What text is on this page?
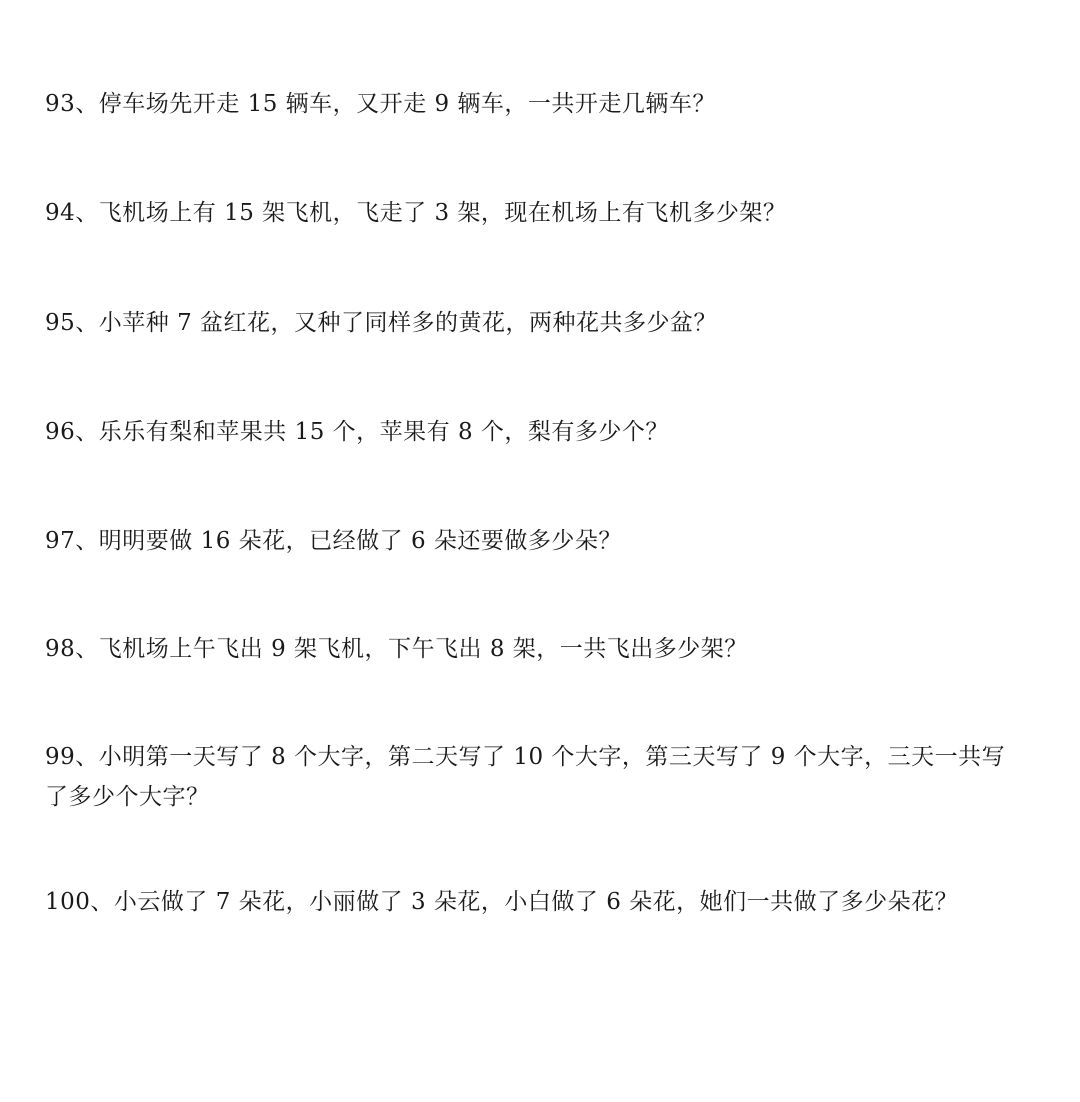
93、停车场先开走 15 辆车，又开走 9 辆车，一共开走几辆车？
94、飞机场上有 15 架飞机，飞走了 3 架，现在机场上有飞机多少架？
95、小苹种 7 盆红花，又种了同样多的黄花，两种花共多少盆？
96、乐乐有梨和苹果共 15 个，苹果有 8 个，梨有多少个？
97、明明要做 16 朵花，已经做了 6 朵还要做多少朵？
98、飞机场上午飞出 9 架飞机，下午飞出 8 架，一共飞出多少架？
99、小明第一天写了 8 个大字，第二天写了 10 个大字，第三天写了 9 个大字，三天一共写了多少个大字？
100、小云做了 7 朵花，小丽做了 3 朵花，小白做了 6 朵花，她们一共做了多少朵花？
